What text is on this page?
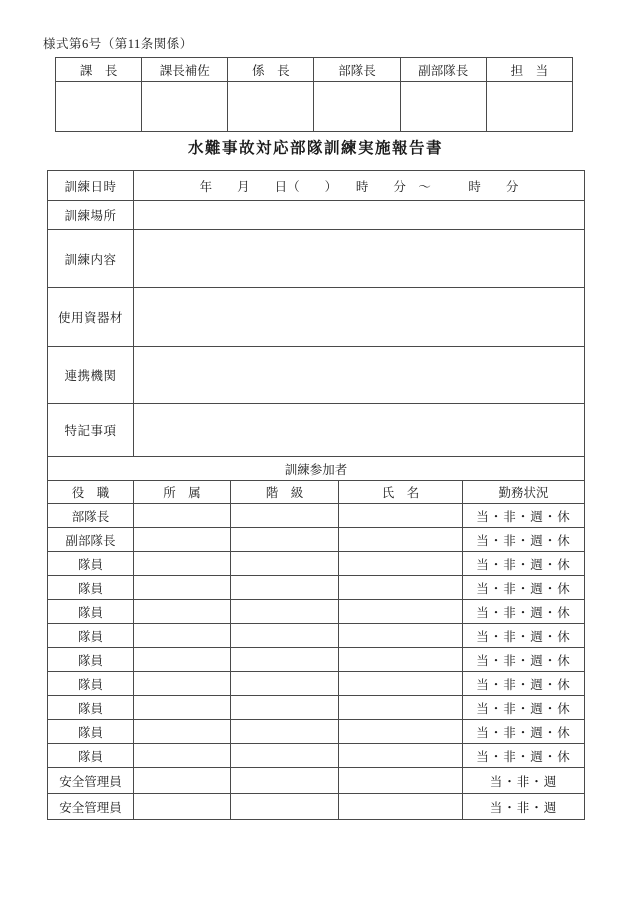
様式第6号（第11条関係）
課　長	課長補佐	係　長	部隊長	副部隊長	担　当

水難事故対応部隊訓練実施報告書
訓練日時	年　　月　　日（　　）　　時　　分　～　　　時　　分			
訓練場所				
訓練内容				
使用資器材				
連携機関				
特記事項				
訓練参加者				
役　職	所　属	階　級	氏　名	勤務状況
部隊長				当・非・週・休
副部隊長				当・非・週・休
隊員				当・非・週・休
隊員				当・非・週・休
隊員				当・非・週・休
隊員				当・非・週・休
隊員				当・非・週・休
隊員				当・非・週・休
隊員				当・非・週・休
隊員				当・非・週・休
隊員				当・非・週・休
安全管理員				当・非・週
安全管理員				当・非・週
